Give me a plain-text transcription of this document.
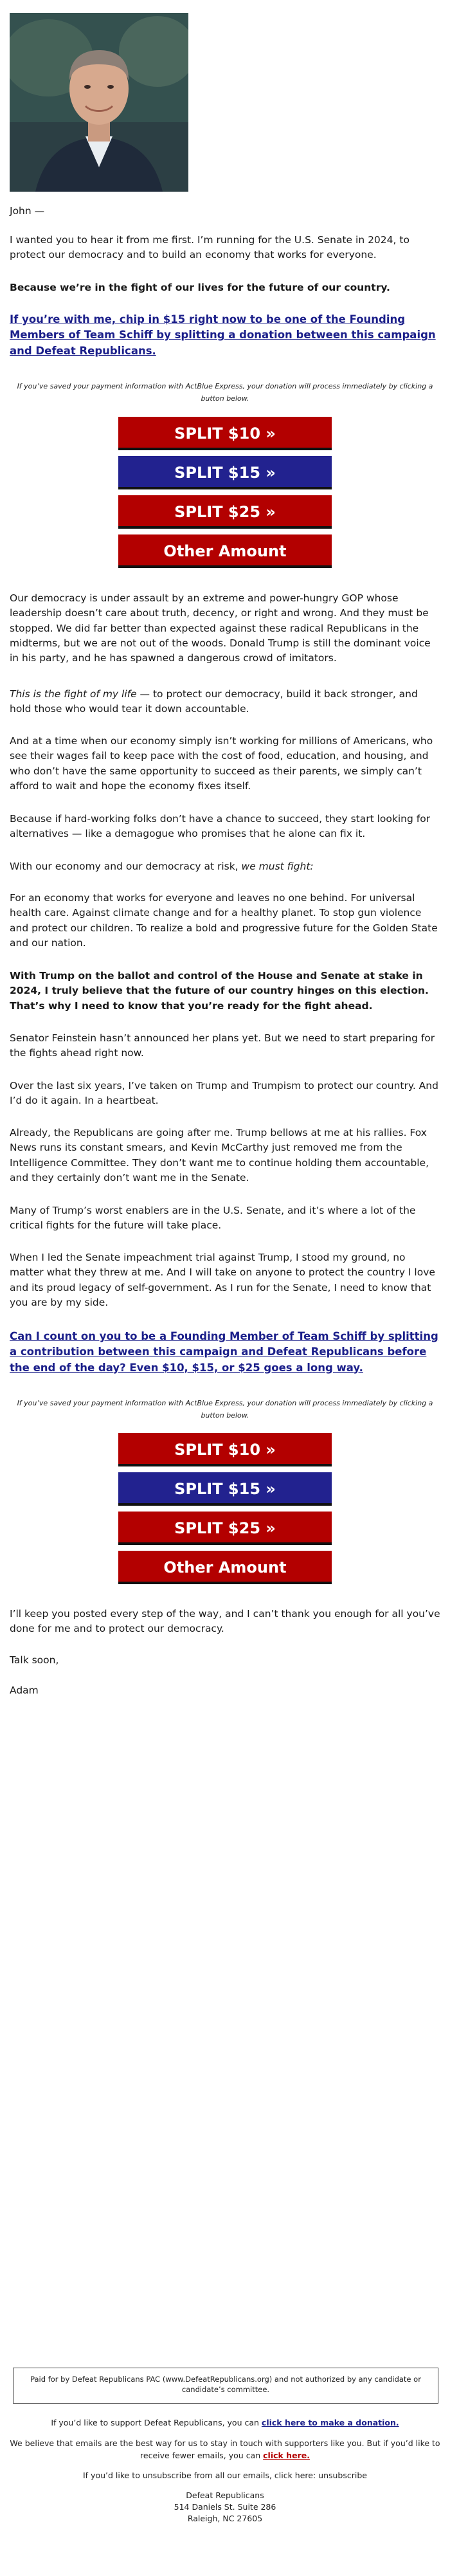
John —

I wanted you to hear it from me first. I’m running for the U.S. Senate in 2024, to protect our democracy and to build an economy that works for everyone.

Because we’re in the fight of our lives for the future of our country.

If you’re with me, chip in $15 right now to be one of the Founding Members of Team Schiff by splitting a donation between this campaign and Defeat Republicans.

If you’ve saved your payment information with ActBlue Express, your donation will process immediately by clicking a button below.

SPLIT $10 »
SPLIT $15 »
SPLIT $25 »
Other Amount

Our democracy is under assault by an extreme and power-hungry GOP whose leadership doesn’t care about truth, decency, or right and wrong. And they must be stopped. We did far better than expected against these radical Republicans in the midterms, but we are not out of the woods. Donald Trump is still the dominant voice in his party, and he has spawned a dangerous crowd of imitators.

This is the fight of my life — to protect our democracy, build it back stronger, and hold those who would tear it down accountable.

And at a time when our economy simply isn’t working for millions of Americans, who see their wages fail to keep pace with the cost of food, education, and housing, and who don’t have the same opportunity to succeed as their parents, we simply can’t afford to wait and hope the economy fixes itself.

Because if hard-working folks don’t have a chance to succeed, they start looking for alternatives — like a demagogue who promises that he alone can fix it.

With our economy and our democracy at risk, we must fight:

For an economy that works for everyone and leaves no one behind. For universal health care. Against climate change and for a healthy planet. To stop gun violence and protect our children. To realize a bold and progressive future for the Golden State and our nation.

With Trump on the ballot and control of the House and Senate at stake in 2024, I truly believe that the future of our country hinges on this election. That’s why I need to know that you’re ready for the fight ahead.

Senator Feinstein hasn’t announced her plans yet. But we need to start preparing for the fights ahead right now.

Over the last six years, I’ve taken on Trump and Trumpism to protect our country. And I’d do it again. In a heartbeat.

Already, the Republicans are going after me. Trump bellows at me at his rallies. Fox News runs its constant smears, and Kevin McCarthy just removed me from the Intelligence Committee. They don’t want me to continue holding them accountable, and they certainly don’t want me in the Senate.

Many of Trump’s worst enablers are in the U.S. Senate, and it’s where a lot of the critical fights for the future will take place.

When I led the Senate impeachment trial against Trump, I stood my ground, no matter what they threw at me. And I will take on anyone to protect the country I love and its proud legacy of self-government. As I run for the Senate, I need to know that you are by my side.

Can I count on you to be a Founding Member of Team Schiff by splitting a contribution between this campaign and Defeat Republicans before the end of the day? Even $10, $15, or $25 goes a long way.

If you’ve saved your payment information with ActBlue Express, your donation will process immediately by clicking a button below.

SPLIT $10 »
SPLIT $15 »
SPLIT $25 »
Other Amount

I’ll keep you posted every step of the way, and I can’t thank you enough for all you’ve done for me and to protect our democracy.

Talk soon,

Adam

Paid for by Defeat Republicans PAC (www.DefeatRepublicans.org) and not authorized by any candidate or candidate’s committee.

If you’d like to support Defeat Republicans, you can click here to make a donation.

We believe that emails are the best way for us to stay in touch with supporters like you. But if you’d like to receive fewer emails, you can click here.

If you’d like to unsubscribe from all our emails, click here: unsubscribe

Defeat Republicans

514 Daniels St. Suite 286

Raleigh, NC 27605
